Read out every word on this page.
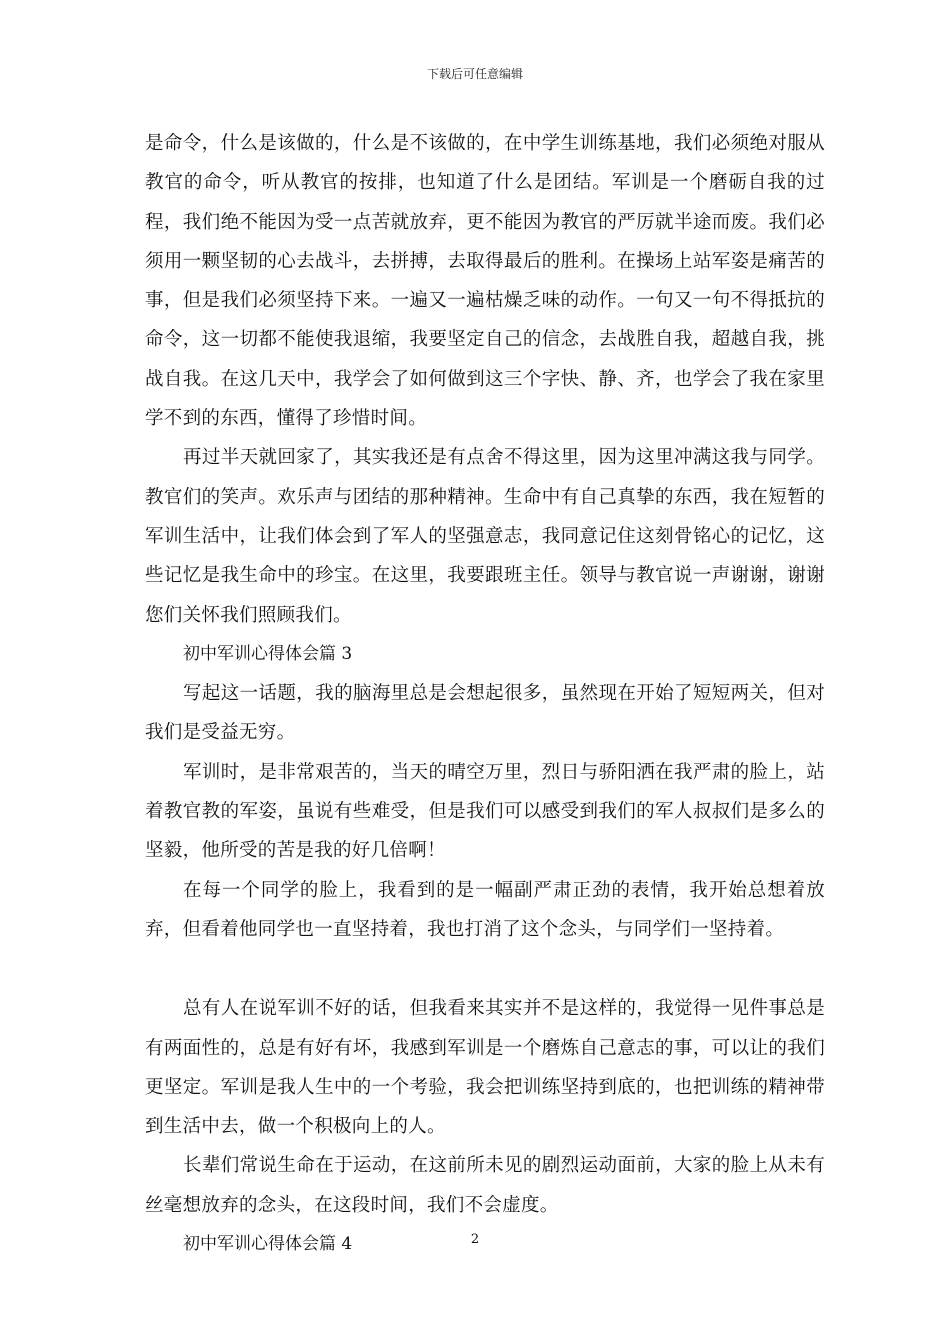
下载后可任意编辑

是命令，什么是该做的，什么是不该做的，在中学生训练基地，我们必须绝对服从教官的命令，听从教官的按排，也知道了什么是团结。军训是一个磨砺自我的过程，我们绝不能因为受一点苦就放弃，更不能因为教官的严厉就半途而废。我们必须用一颗坚韧的心去战斗，去拼搏，去取得最后的胜利。在操场上站军姿是痛苦的事，但是我们必须坚持下来。一遍又一遍枯燥乏味的动作。一句又一句不得抵抗的命令，这一切都不能使我退缩，我要坚定自己的信念，去战胜自我，超越自我，挑战自我。在这几天中，我学会了如何做到这三个字快、静、齐，也学会了我在家里学不到的东西，懂得了珍惜时间。

再过半天就回家了，其实我还是有点舍不得这里，因为这里冲满这我与同学。教官们的笑声。欢乐声与团结的那种精神。生命中有自己真挚的东西，我在短暂的军训生活中，让我们体会到了军人的坚强意志，我同意记住这刻骨铭心的记忆，这些记忆是我生命中的珍宝。在这里，我要跟班主任。领导与教官说一声谢谢，谢谢您们关怀我们照顾我们。

初中军训心得体会篇 3

写起这一话题，我的脑海里总是会想起很多，虽然现在开始了短短两关，但对我们是受益无穷。

军训时，是非常艰苦的，当天的晴空万里，烈日与骄阳洒在我严肃的脸上，站着教官教的军姿，虽说有些难受，但是我们可以感受到我们的军人叔叔们是多么的坚毅，他所受的苦是我的好几倍啊！

在每一个同学的脸上，我看到的是一幅副严肃正劲的表情，我开始总想着放弃，但看着他同学也一直坚持着，我也打消了这个念头，与同学们一坚持着。

总有人在说军训不好的话，但我看来其实并不是这样的，我觉得一见件事总是有两面性的，总是有好有坏，我感到军训是一个磨炼自己意志的事，可以让的我们更坚定。军训是我人生中的一个考验，我会把训练坚持到底的，也把训练的精神带到生活中去，做一个积极向上的人。

长辈们常说生命在于运动，在这前所未见的剧烈运动面前，大家的脸上从未有丝毫想放弃的念头，在这段时间，我们不会虚度。

初中军训心得体会篇 4	2
